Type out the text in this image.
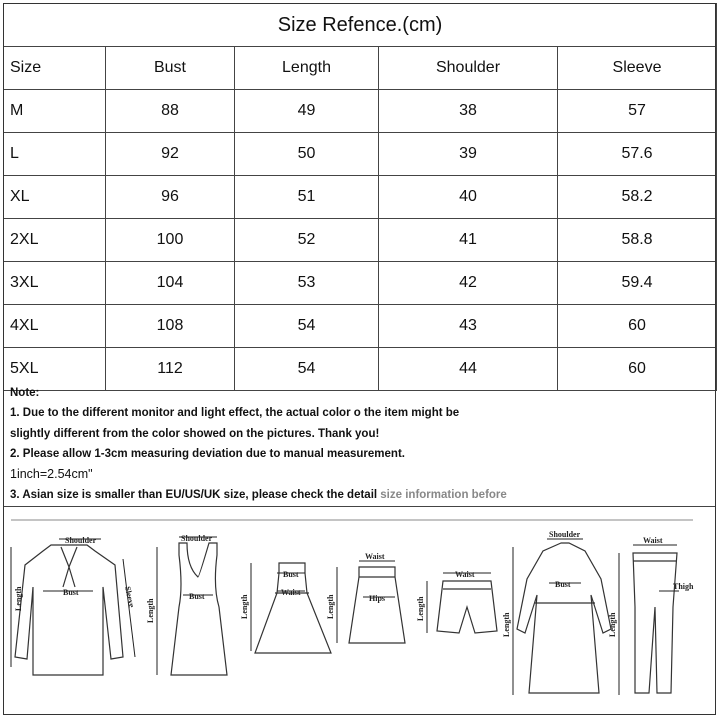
Size Refence.(cm)				
Size	Bust	Length	Shoulder	Sleeve
M	88	49	38	57
L	92	50	39	57.6
XL	96	51	40	58.2
2XL	100	52	41	58.8
3XL	104	53	42	59.4
4XL	108	54	43	60
5XL	112	54	44	60
Note:
1. Due to the different monitor and light effect, the actual color o the item might be
slightly different from the color showed on the pictures. Thank you!
2. Please allow 1-3cm measuring deviation due to manual measurement.
1inch=2.54cm"
3. Asian size is smaller than EU/US/UK size, please check the detail size information before
Shoulder
Bust
Length	Sleeve
Shoulder
Bust
Length
Bust
Waist
Length
Waist
Hips
Length
Waist
Length
Shoulder
Bust
Length
Waist
Thigh
Length
